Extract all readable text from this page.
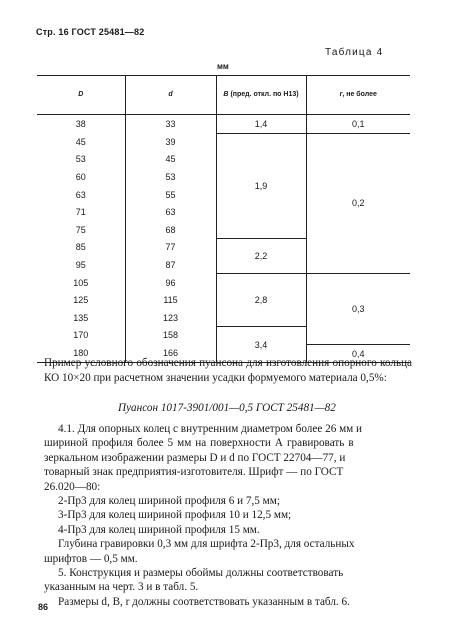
Стр. 16 ГОСТ 25481—82
Таблица 4
мм
D	d	B (пред. откл. по Н13)	r, не более
38	33	1,4	0,1
45	39	1,9	0,2
53	45		
60	53		
63	55		
71	63		
75	68		
85	77	2,2	
95	87		
105	96	2,8	0,3
125	115		
135	123		
170	158	3,4	
180	166		0,4
Пример условного обозначения пуансона для изготовления опорного кольца КО 10×20 при расчетном значении усадки формуемого материала 0,5%:
Пуансон 1017-3901/001—0,5 ГОСТ 25481—82
4.1. Для опорных колец с внутренним диаметром более 26 мм и
шириной профиля более 5 мм на поверхности А гравировать в
зеркальном изображении размеры D и d по ГОСТ 22704—77, и
товарный знак предприятия-изготовителя. Шрифт — по ГОСТ
26.020—80:
2-Пр3 для колец шириной профиля 6 и 7,5 мм;
3-Пр3 для колец шириной профиля 10 и 12,5 мм;
4-Пр3 для колец шириной профиля 15 мм.
Глубина гравировки 0,3 мм для шрифта 2-Пр3, для остальных
шрифтов — 0,5 мм.
5. Конструкция и размеры обоймы должны соответствовать
указанным на черт. 3 и в табл. 5.
Размеры d, B, r должны соответствовать указанным в табл. 6.
86
